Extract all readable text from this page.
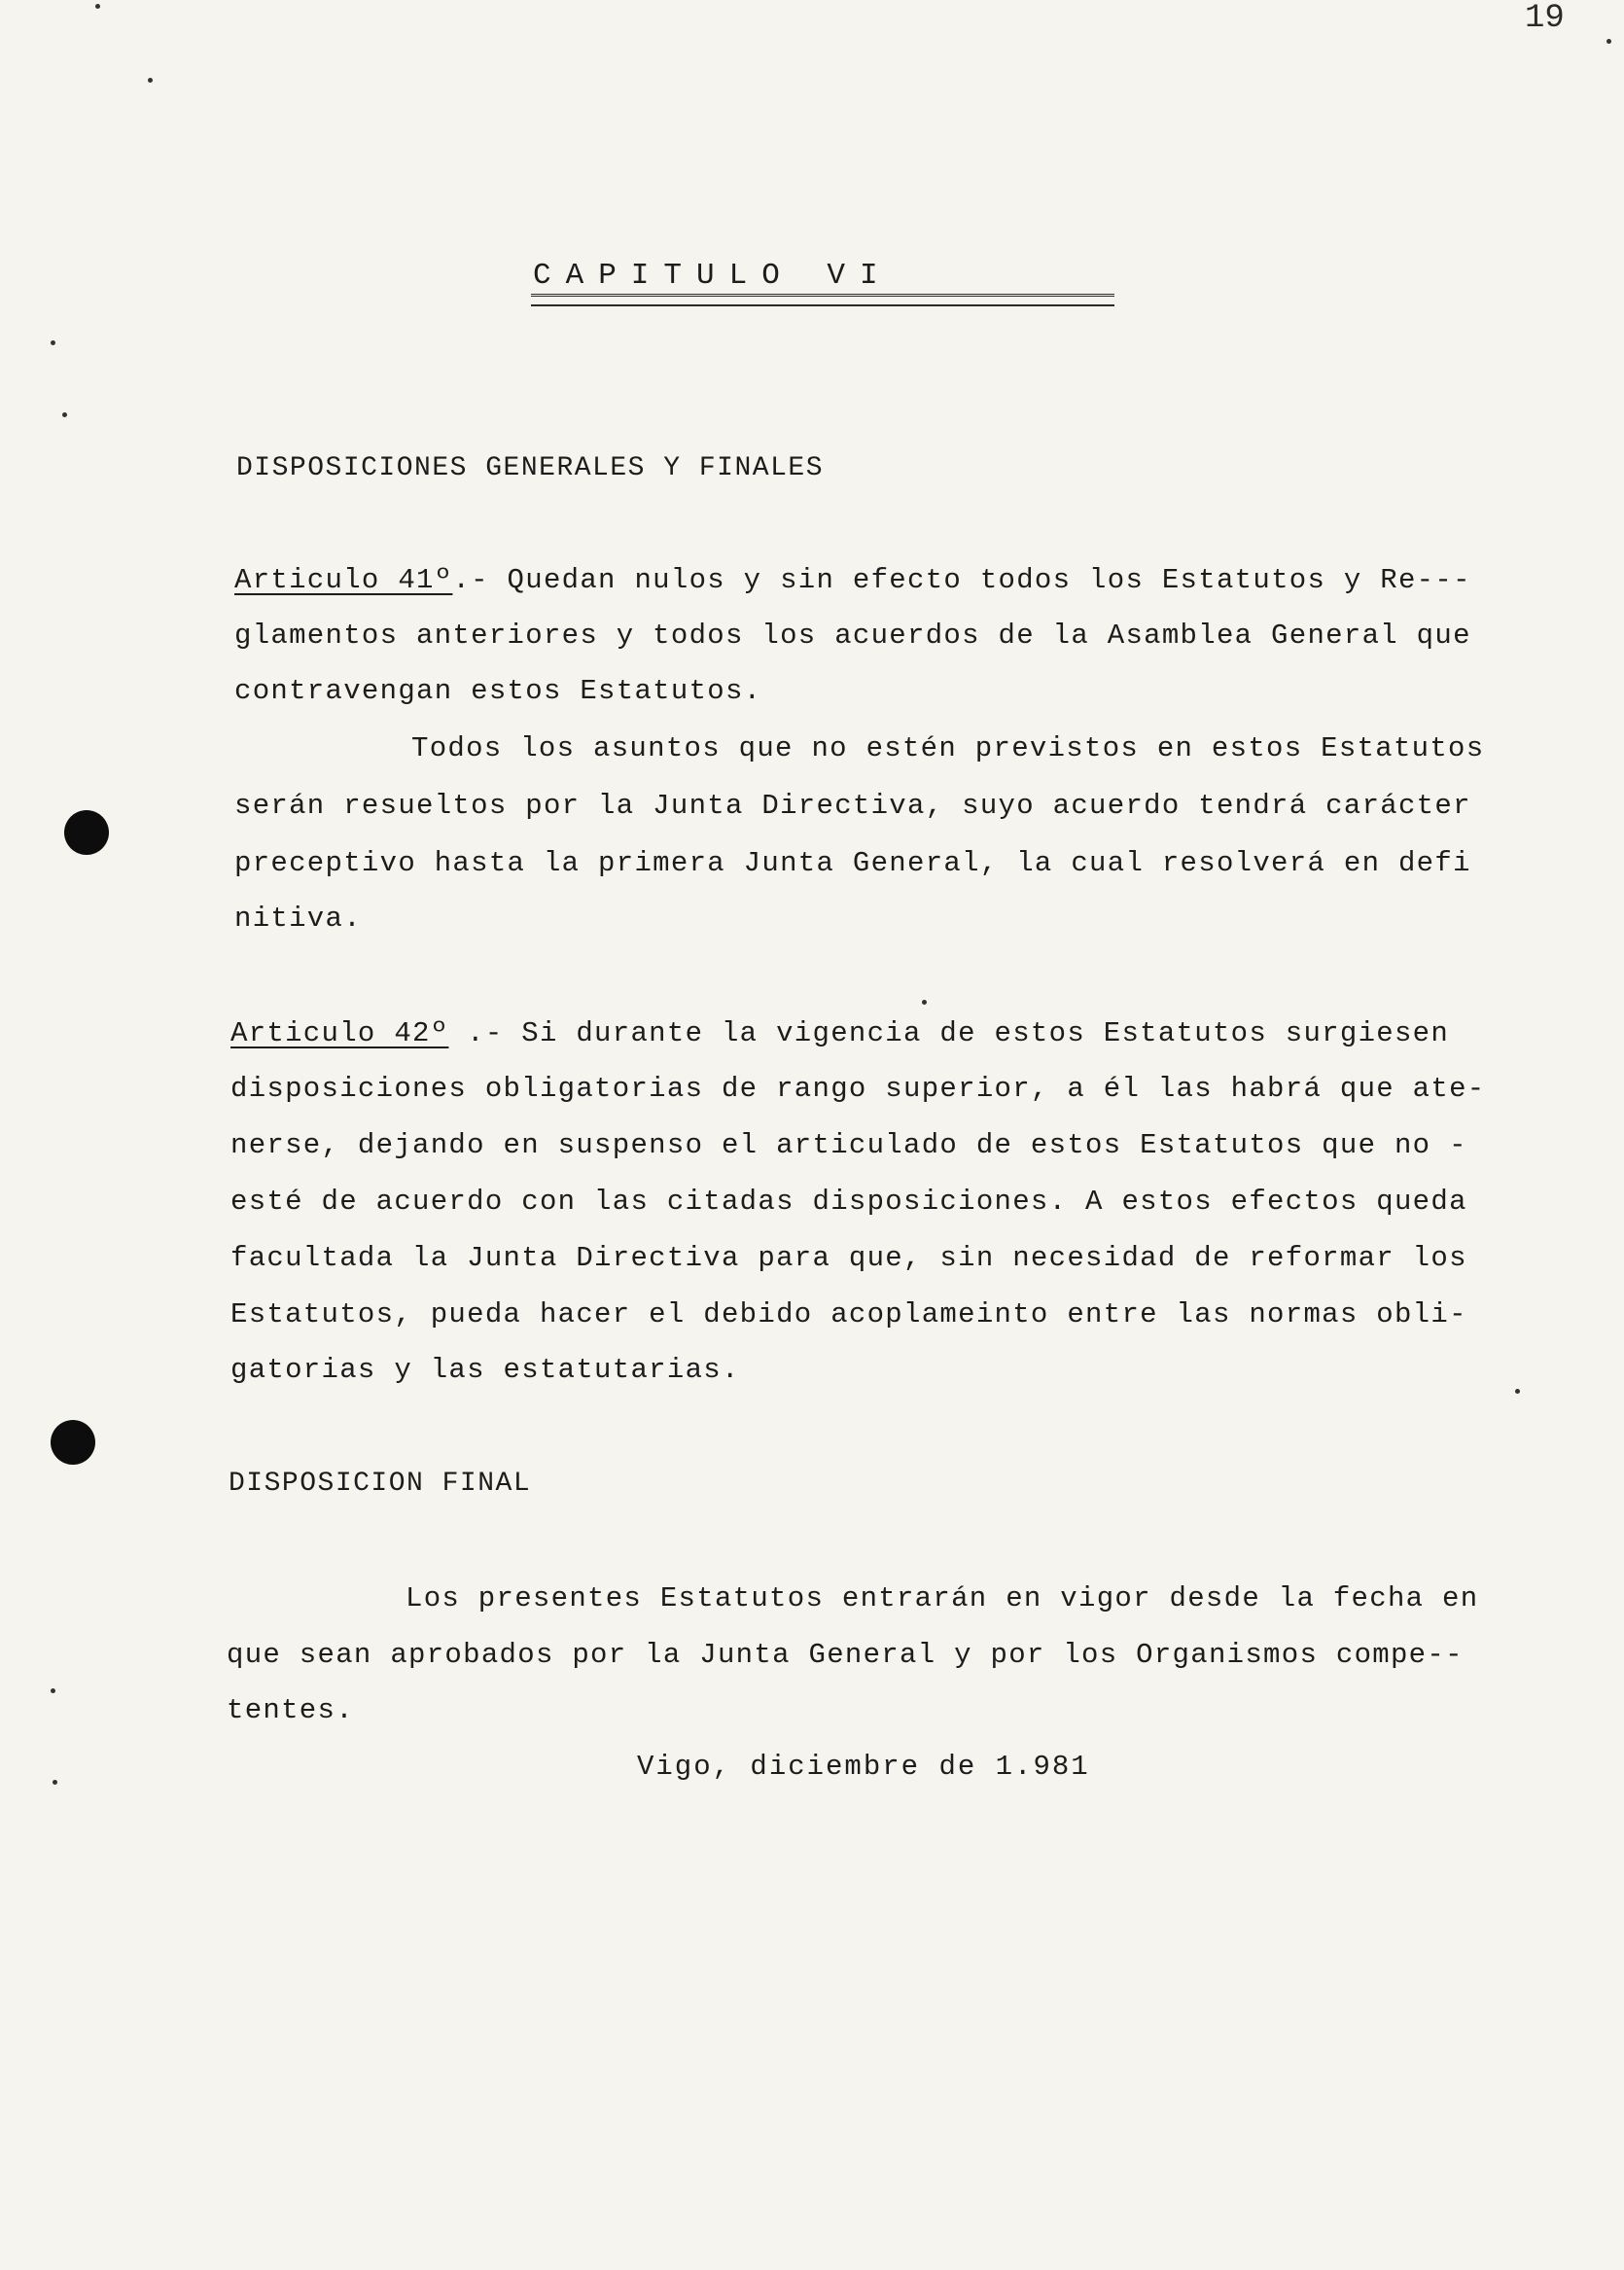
19
CAPITULO VI
DISPOSICIONES GENERALES Y FINALES
Articulo 41º.- Quedan nulos y sin efecto todos los Estatutos y Re---
glamentos anteriores y todos los acuerdos de la Asamblea General que
contravengan estos Estatutos.
Todos los asuntos que no estén previstos en estos Estatutos
serán resueltos por la Junta Directiva, suyo acuerdo tendrá carácter
preceptivo hasta la primera Junta General, la cual resolverá en defi
nitiva.
Articulo 42º .- Si durante la vigencia de estos Estatutos surgiesen
disposiciones obligatorias de rango superior, a él las habrá que ate-
nerse, dejando en suspenso el articulado de estos Estatutos que no -
esté de acuerdo con las citadas disposiciones. A estos efectos queda
facultada la Junta Directiva para que, sin necesidad de reformar los
Estatutos, pueda hacer el debido acoplameinto entre las normas obli-
gatorias y las estatutarias.
DISPOSICION FINAL
Los presentes Estatutos entrarán en vigor desde la fecha en
que sean aprobados por la Junta General y por los Organismos compe--
tentes.
Vigo, diciembre de 1.981
